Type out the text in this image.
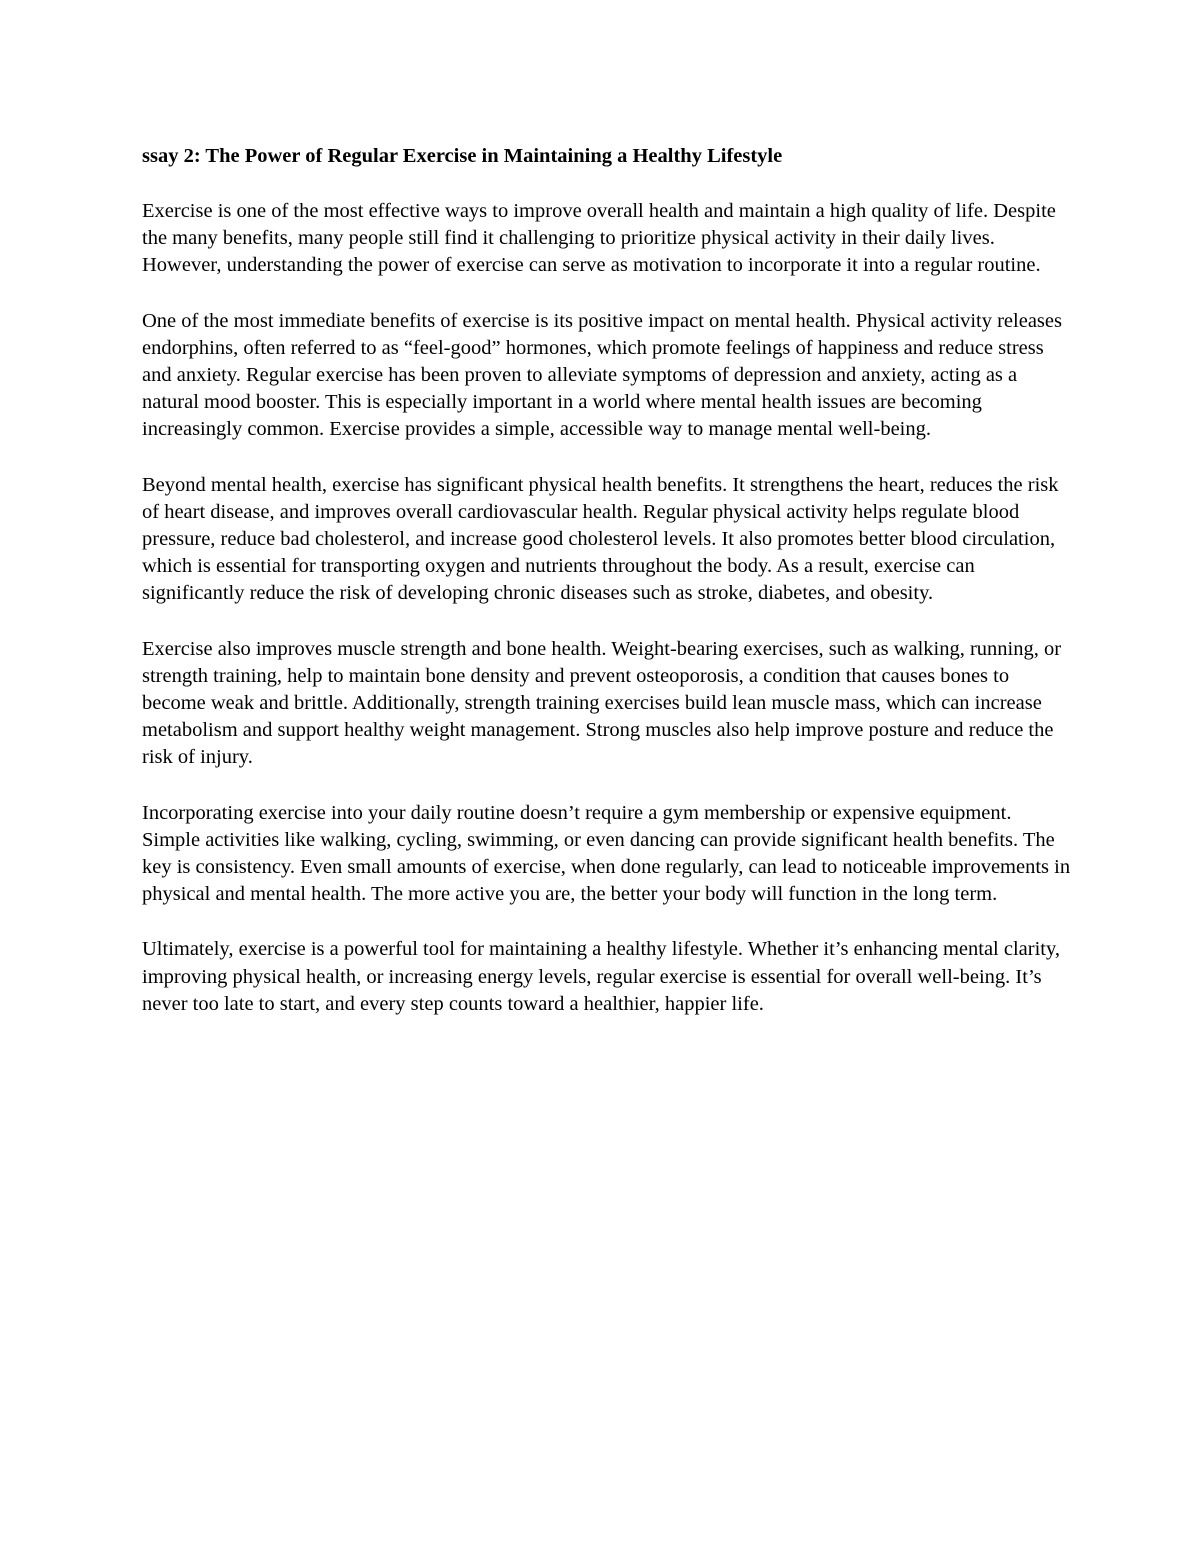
ssay 2: The Power of Regular Exercise in Maintaining a Healthy Lifestyle

Exercise is one of the most effective ways to improve overall health and maintain a high quality of life. Despite the many benefits, many people still find it challenging to prioritize physical activity in their daily lives. However, understanding the power of exercise can serve as motivation to incorporate it into a regular routine.

One of the most immediate benefits of exercise is its positive impact on mental health. Physical activity releases endorphins, often referred to as “feel-good” hormones, which promote feelings of happiness and reduce stress and anxiety. Regular exercise has been proven to alleviate symptoms of depression and anxiety, acting as a natural mood booster. This is especially important in a world where mental health issues are becoming increasingly common. Exercise provides a simple, accessible way to manage mental well-being.

Beyond mental health, exercise has significant physical health benefits. It strengthens the heart, reduces the risk of heart disease, and improves overall cardiovascular health. Regular physical activity helps regulate blood pressure, reduce bad cholesterol, and increase good cholesterol levels. It also promotes better blood circulation, which is essential for transporting oxygen and nutrients throughout the body. As a result, exercise can significantly reduce the risk of developing chronic diseases such as stroke, diabetes, and obesity.

Exercise also improves muscle strength and bone health. Weight-bearing exercises, such as walking, running, or strength training, help to maintain bone density and prevent osteoporosis, a condition that causes bones to become weak and brittle. Additionally, strength training exercises build lean muscle mass, which can increase metabolism and support healthy weight management. Strong muscles also help improve posture and reduce the risk of injury.

Incorporating exercise into your daily routine doesn’t require a gym membership or expensive equipment. Simple activities like walking, cycling, swimming, or even dancing can provide significant health benefits. The key is consistency. Even small amounts of exercise, when done regularly, can lead to noticeable improvements in physical and mental health. The more active you are, the better your body will function in the long term.

Ultimately, exercise is a powerful tool for maintaining a healthy lifestyle. Whether it’s enhancing mental clarity, improving physical health, or increasing energy levels, regular exercise is essential for overall well-being. It’s never too late to start, and every step counts toward a healthier, happier life.
